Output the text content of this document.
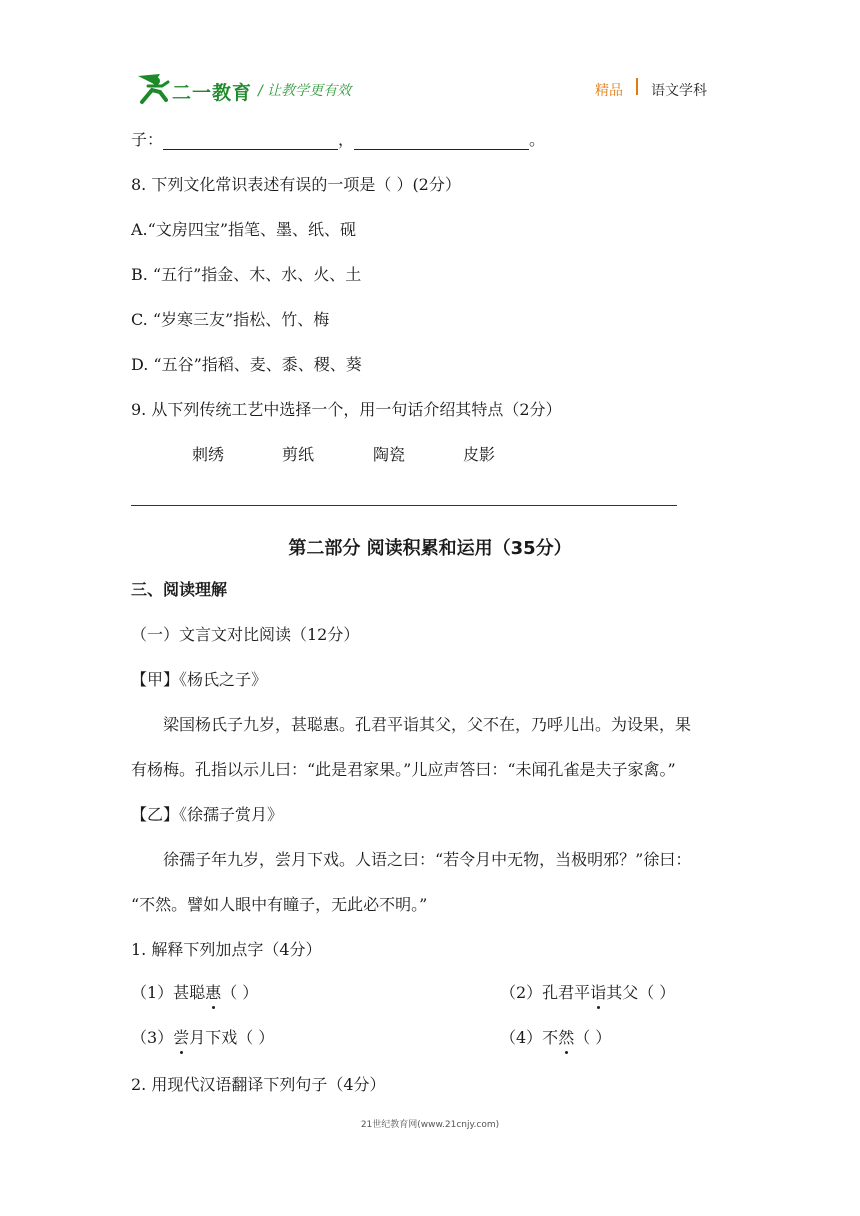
二一教育 / 让教学更有效	精品 语文学科
子：	，	。
8. 下列文化常识表述有误的一项是（ ）(2分）
A.“文房四宝”指笔、墨、纸、砚
B. “五行”指金、木、水、火、土
C. “岁寒三友”指松、竹、梅
D. “五谷”指稻、麦、黍、稷、葵
9. 从下列传统工艺中选择一个，用一句话介绍其特点（2分）
刺绣	剪纸	陶瓷	皮影
第二部分 阅读积累和运用（35分）
三、阅读理解
（一）文言文对比阅读（12分）
【甲】《杨氏之子》
梁国杨氏子九岁，甚聪惠。孔君平诣其父，父不在，乃呼儿出。为设果，果
有杨梅。孔指以示儿曰：“此是君家果。”儿应声答曰：“未闻孔雀是夫子家禽。”
【乙】《徐孺子赏月》
徐孺子年九岁，尝月下戏。人语之曰：“若令月中无物，当极明邪？”徐曰：
“不然。譬如人眼中有瞳子，无此必不明。”
1. 解释下列加点字（4分）
（1）甚聪惠（ ）	（2）孔君平诣其父（ ）
（3）尝月下戏（ ）	（4）不然（ ）
2. 用现代汉语翻译下列句子（4分）
21世纪教育网(www.21cnjy.com)
